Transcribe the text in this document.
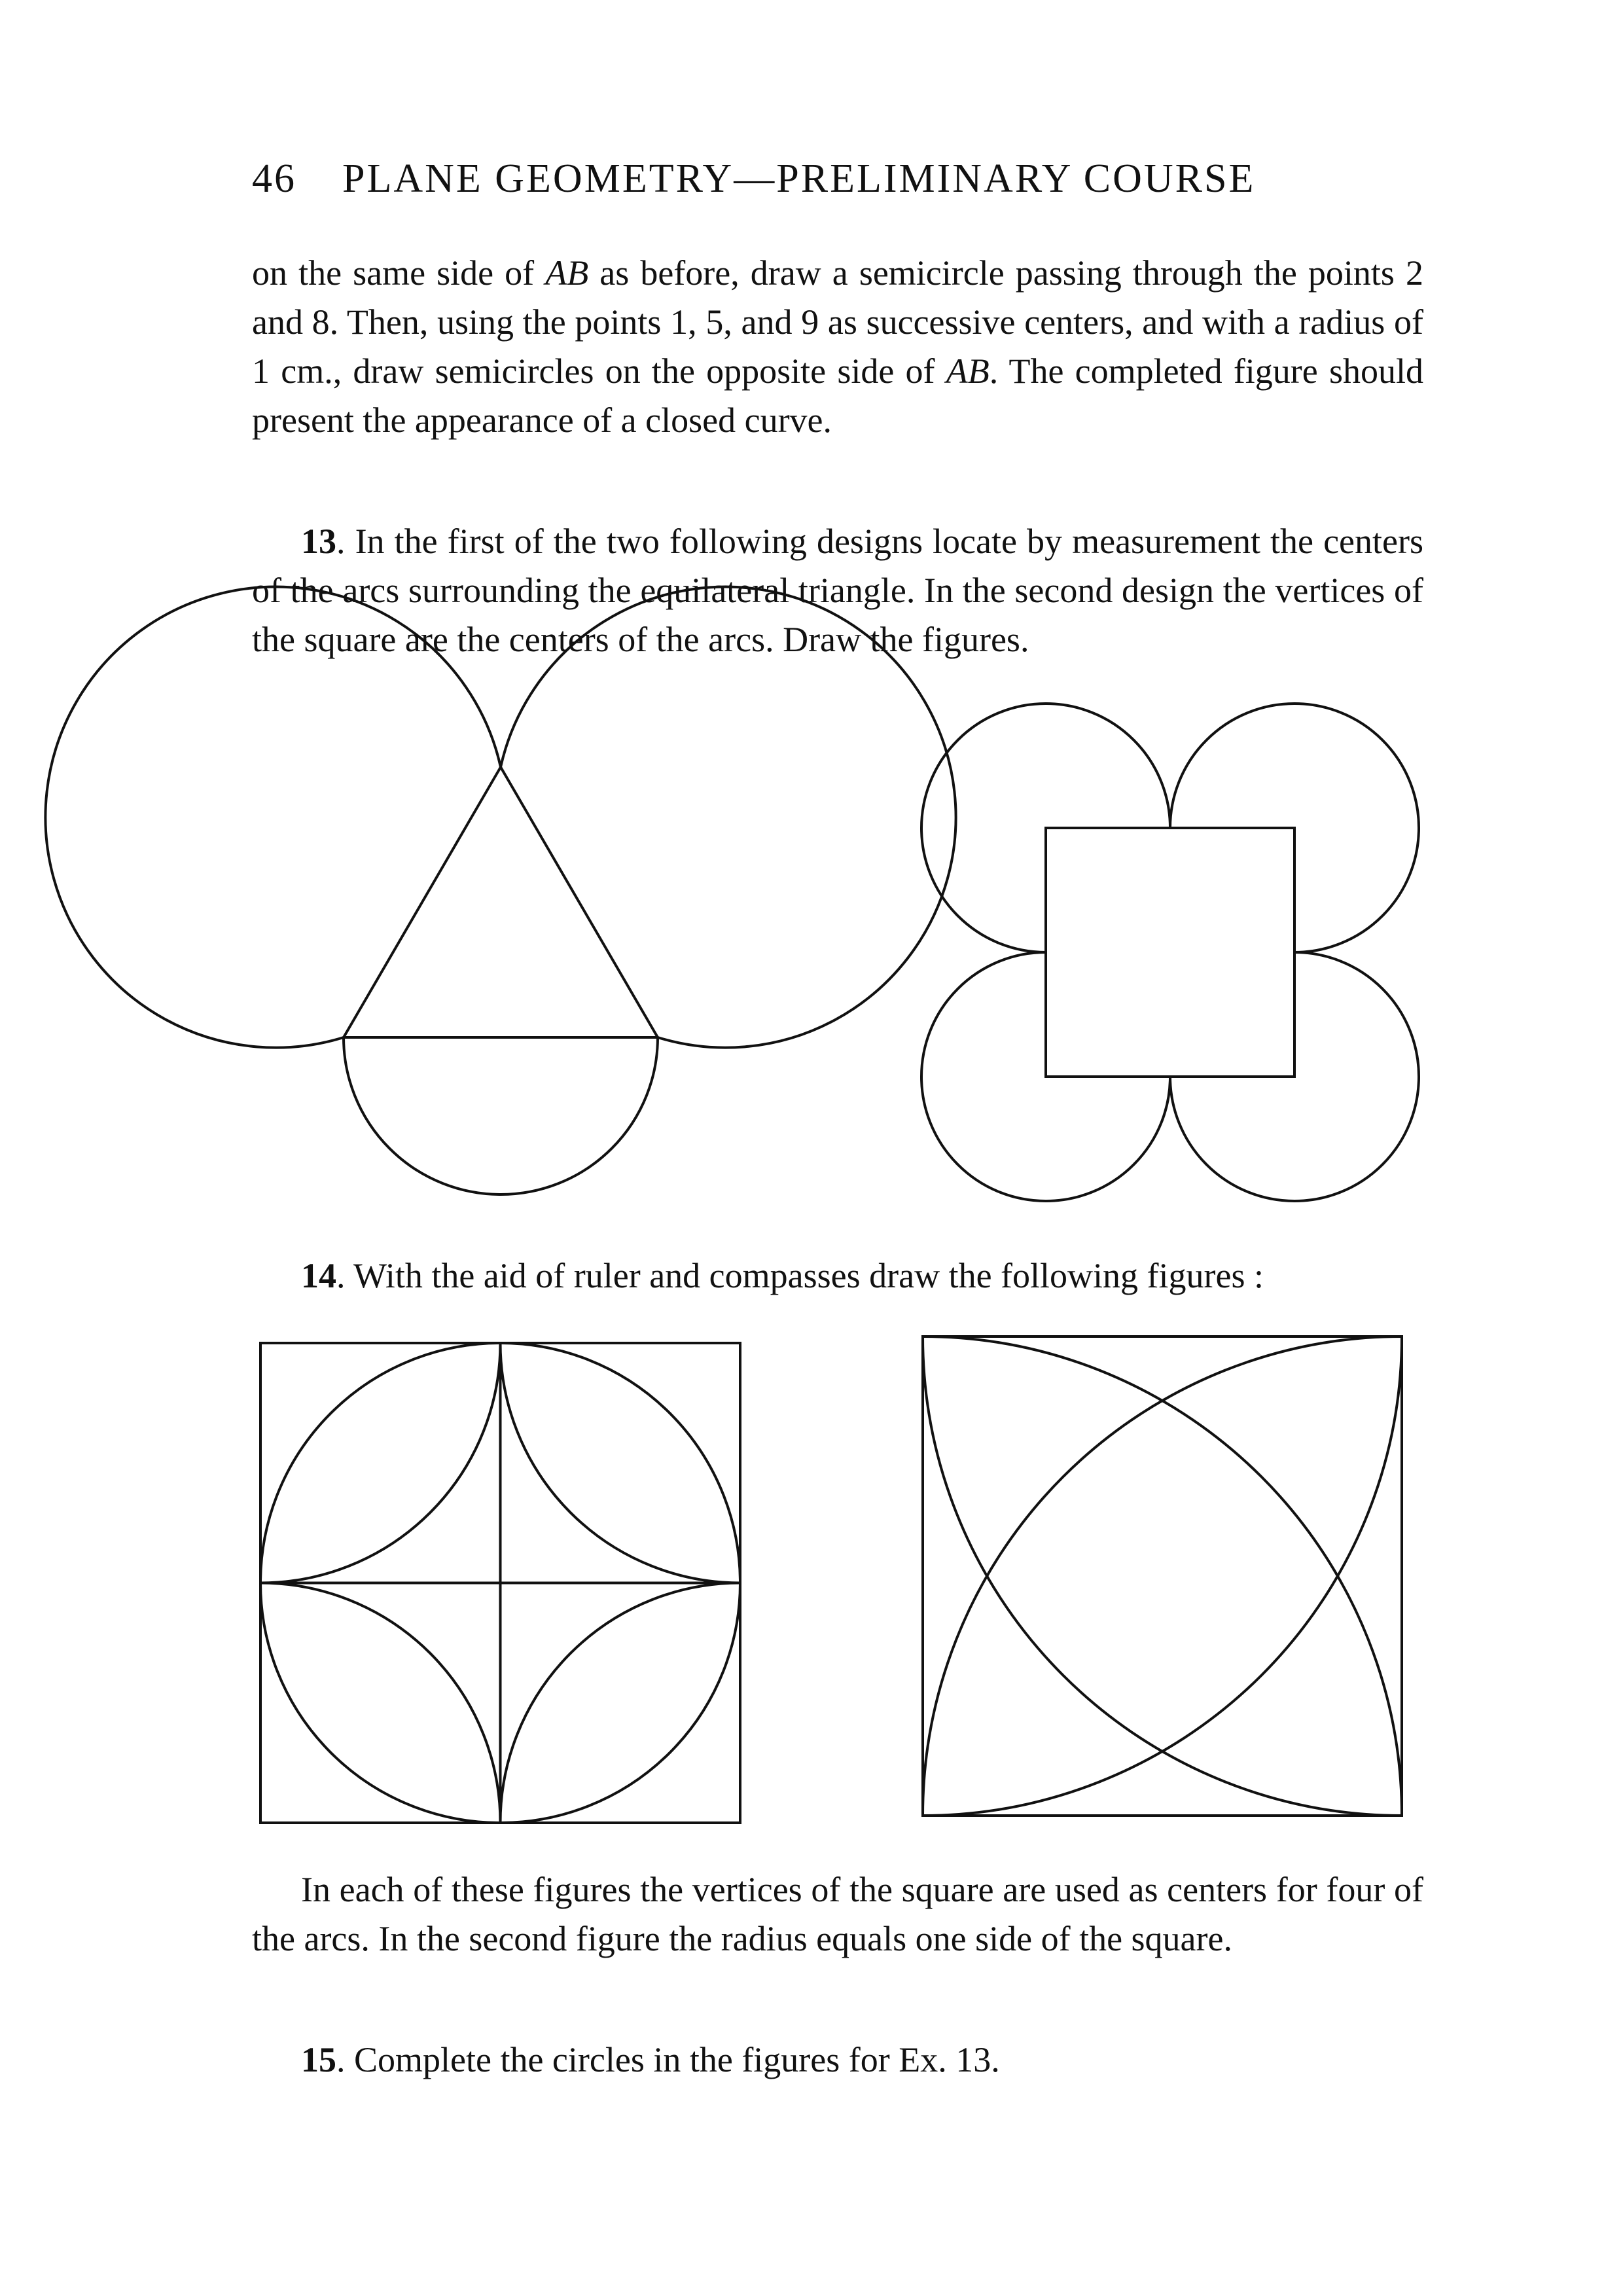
46 PLANE GEOMETRY—PRELIMINARY COURSE

on the same side of AB as before, draw a semicircle passing through the points 2 and 8. Then, using the points 1, 5, and 9 as successive centers, and with a radius of 1 cm., draw semicircles on the opposite side of AB. The completed figure should present the appearance of a closed curve.

13. In the first of the two following designs locate by measurement the centers of the arcs surrounding the equilateral triangle. In the second design the vertices of the square are the centers of the arcs. Draw the figures.

14. With the aid of ruler and compasses draw the following figures :

In each of these figures the vertices of the square are used as centers for four of the arcs. In the second figure the radius equals one side of the square.

15. Complete the circles in the figures for Ex. 13.
